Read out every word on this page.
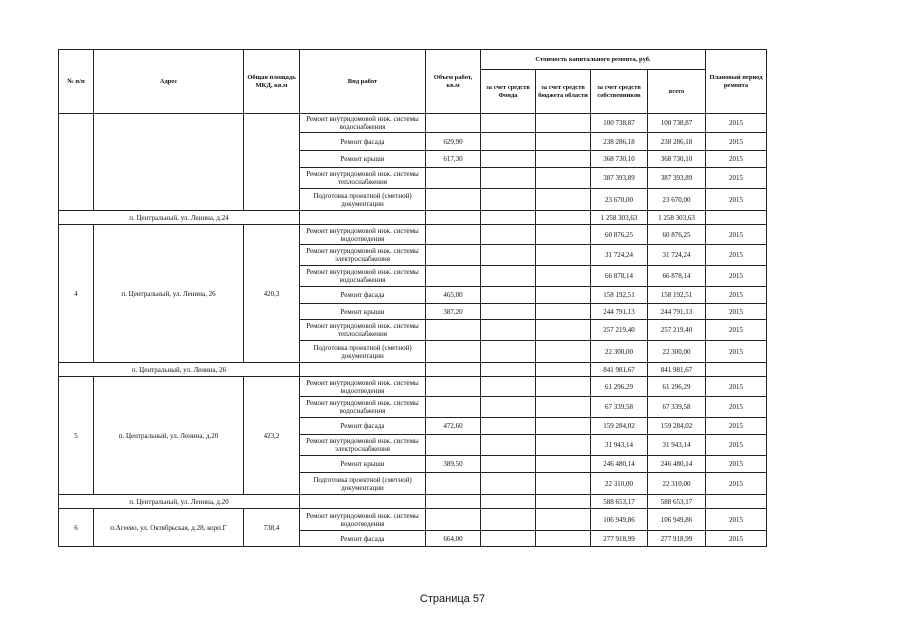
№ п/п	Адрес	Общая площадь МКД, кв.м	Вид работ	Объем работ, кв.м	Стоимость капитального ремонта, руб.				Плановый период ремонта
					за счет средств Фонда	за счет средств бюджета области	за счет средств собственников	всего	
			Ремонт внутридомовой инж. системы водоснабжения				100 738,87	100 738,87	2015
			Ремонт фасада	629,90			238 286,18	238 286,18	2015
			Ремонт крыши	617,30			368 730,10	368 730,10	2015
			Ремонт внутридомовой инж. системы теплоснабжения				387 393,89	387 393,89	2015
			Подготовка проектной (сметной) документации				23 670,00	23 670,00	2015
п. Центральный, ул. Ленина, д.24							1 258 303,63	1 258 303,63	
4	п. Центральный, ул. Ленина, 26	420,3	Ремонт внутридомовой инж. системы водоотведения				60 876,25	60 876,25	2015
			Ремонт внутридомовой инж. системы электроснабжения				31 724,24	31 724,24	2015
			Ремонт внутридомовой инж. системы водоснабжения				66 878,14	66 878,14	2015
			Ремонт фасада	465,00			158 192,51	158 192,51	2015
			Ремонт крыши	387,20			244 791,13	244 791,13	2015
			Ремонт внутридомовой инж. системы теплоснабжения				257 219,40	257 219,40	2015
			Подготовка проектной (сметной) документации				22 300,00	22 300,00	2015
п. Центральный, ул. Ленина, 26							841 981,67	841 981,67	
5	п. Центральный, ул. Ленина, д.20	423,2	Ремонт внутридомовой инж. системы водоотведения				61 296,29	61 296,29	2015
			Ремонт внутридомовой инж. системы водоснабжения				67 339,58	67 339,58	2015
			Ремонт фасада	472,60			159 284,02	159 284,02	2015
			Ремонт внутридомовой инж. системы электроснабжения				31 943,14	31 943,14	2015
			Ремонт крыши	389,50			246 480,14	246 480,14	2015
			Подготовка проектной (сметной) документации				22 310,00	22 310,00	2015
п. Центральный, ул. Ленина, д.20							588 653,17	588 653,17	
6	п.Агеево, ул. Октябрьская, д.28, корп.Г	738,4	Ремонт внутридомовой инж. системы водоотведения				106 949,86	106 949,86	2015
			Ремонт фасада	664,00			277 918,99	277 918,99	2015
Страница 57
